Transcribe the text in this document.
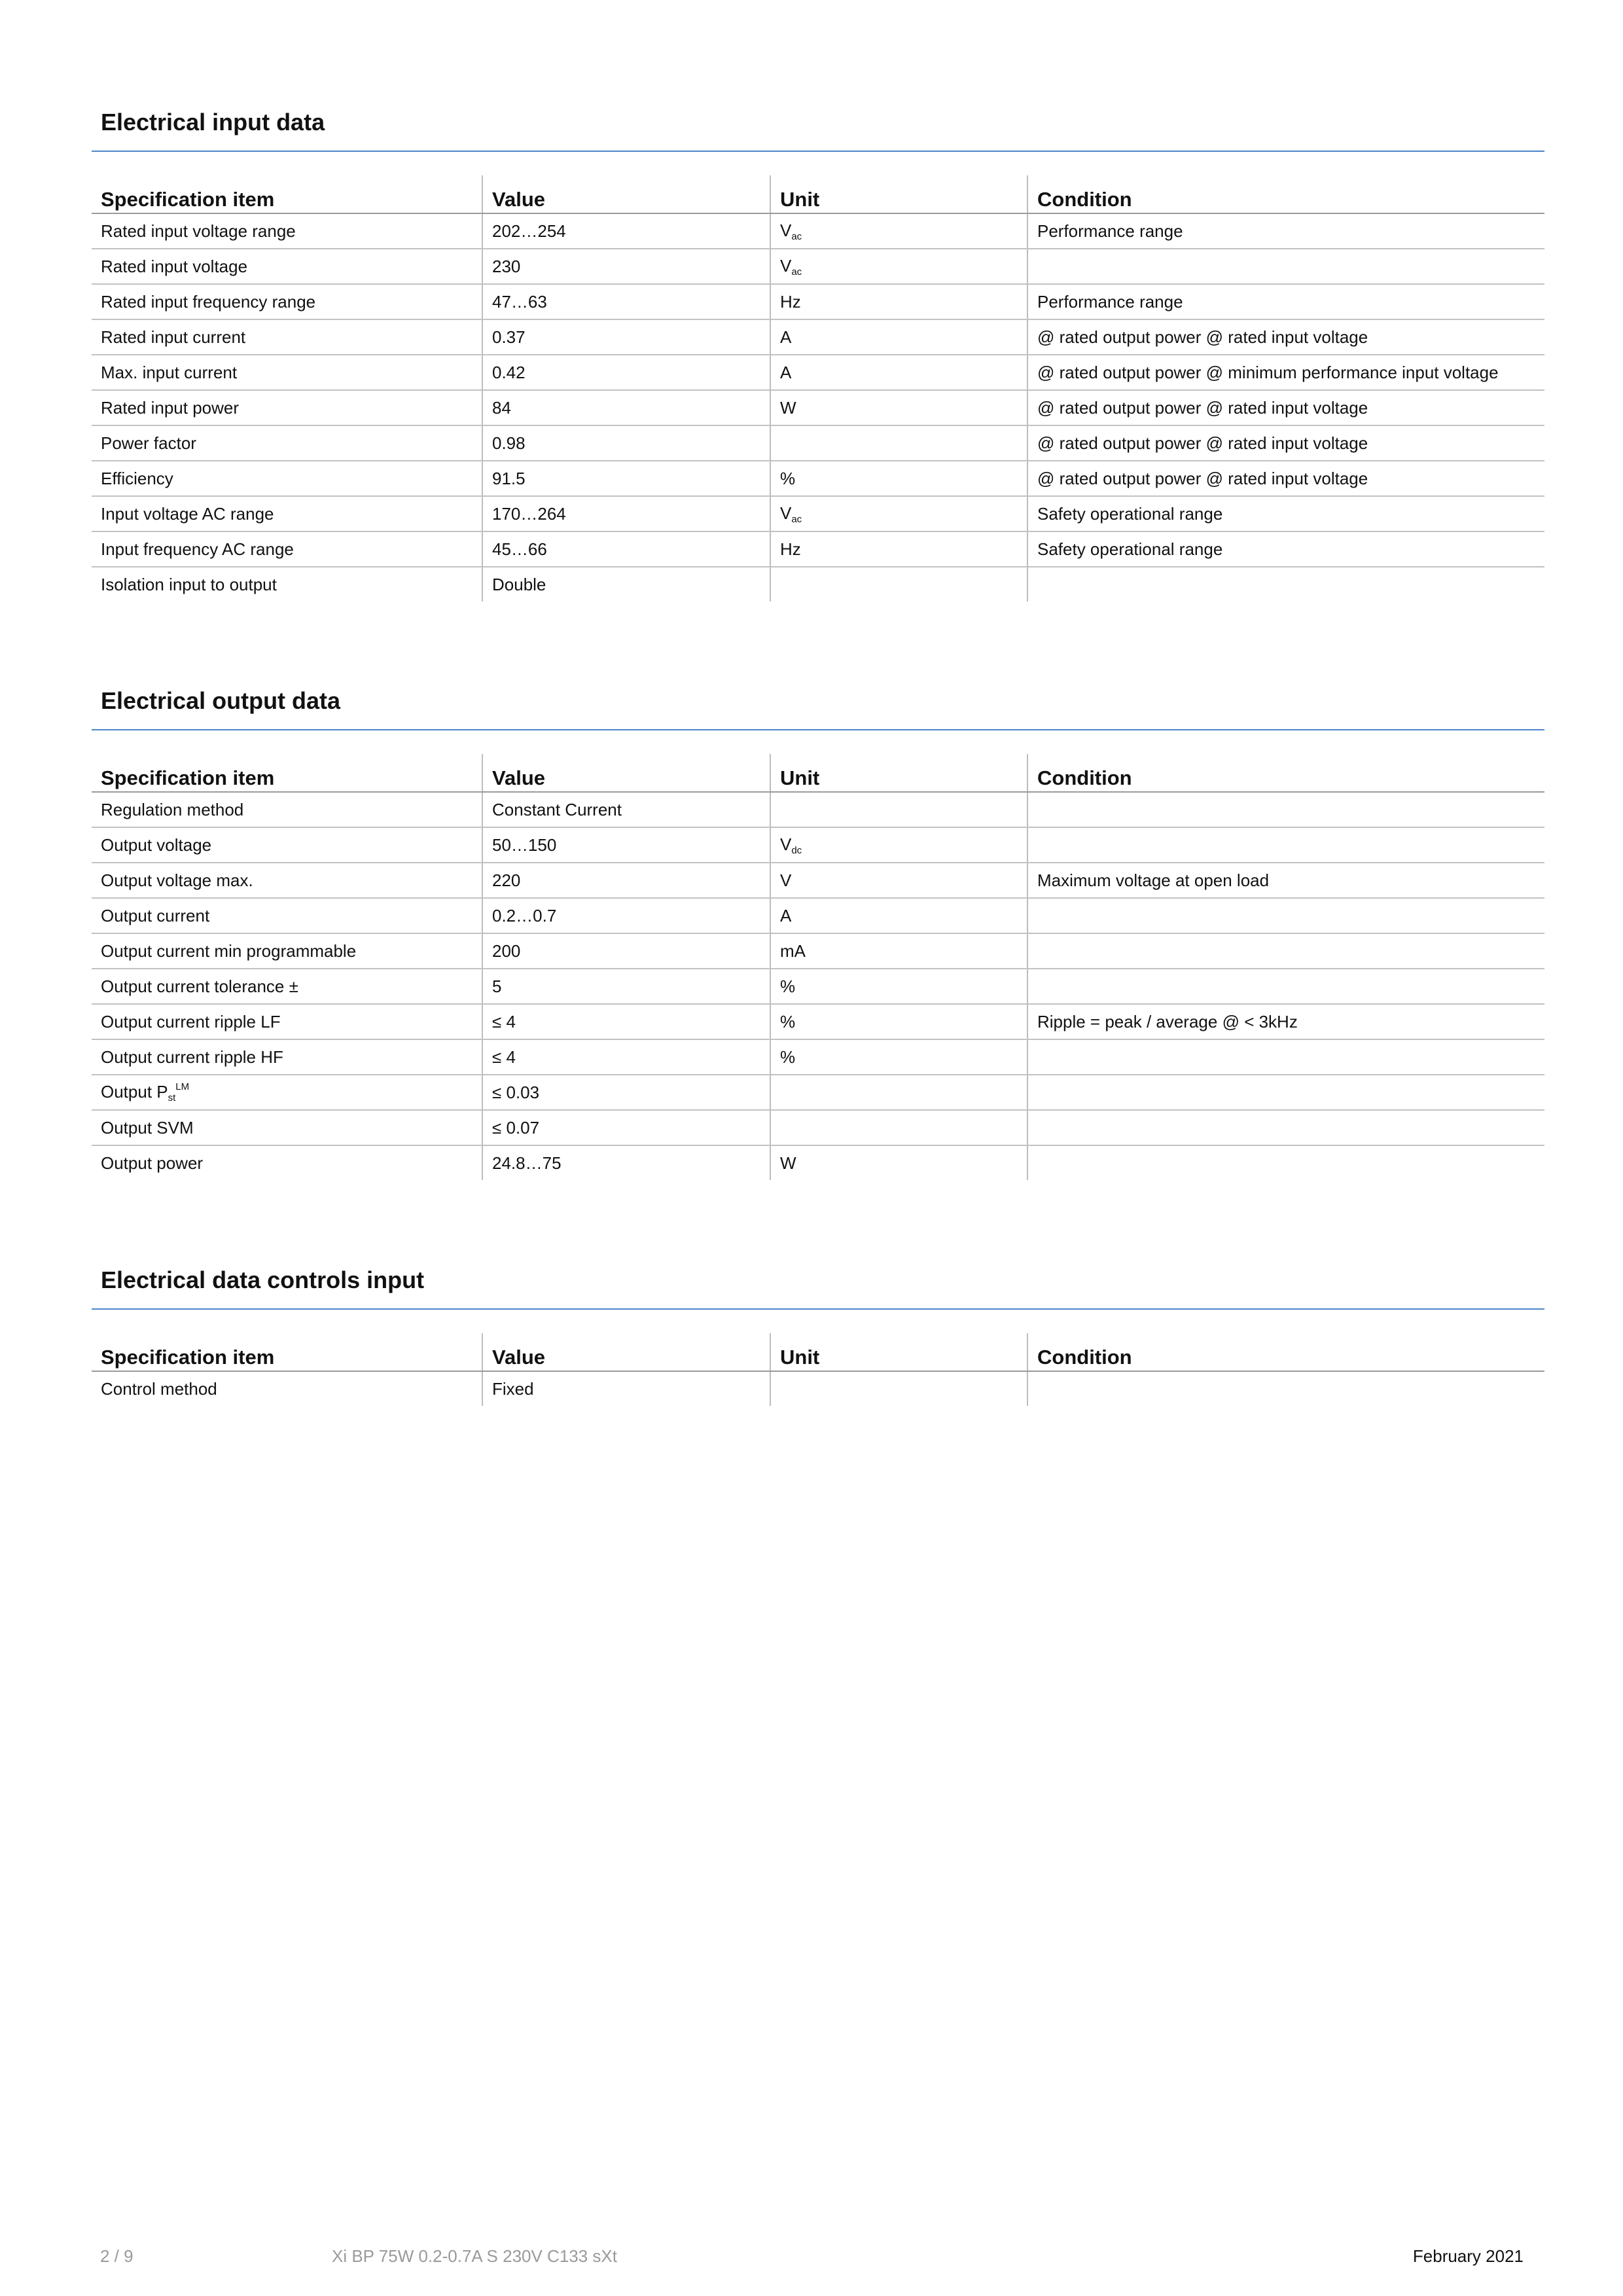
Electrical input data
Specification item	Value	Unit	Condition
Rated input voltage range	202…254	$V_{ac}$	Performance range
Rated input voltage	230	$V_{ac}$	
Rated input frequency range	47…63	Hz	Performance range
Rated input current	0.37	A	@ rated output power @ rated input voltage
Max. input current	0.42	A	@ rated output power @ minimum performance input voltage
Rated input power	84	W	@ rated output power @ rated input voltage
Power factor	0.98		@ rated output power @ rated input voltage
Efficiency	91.5	%	@ rated output power @ rated input voltage
Input voltage AC range	170…264	$V_{ac}$	Safety operational range
Input frequency AC range	45…66	Hz	Safety operational range
Isolation input to output	Double		
Electrical output data
Specification item	Value	Unit	Condition
Regulation method	Constant Current		
Output voltage	50…150	$V_{dc}$	
Output voltage max.	220	V	Maximum voltage at open load
Output current	0.2…0.7	A	
Output current min programmable	200	mA	
Output current tolerance ±	5	%	
Output current ripple LF	≤ 4	%	Ripple = peak / average @ < 3kHz
Output current ripple HF	≤ 4	%	
Output $P_{st}^{LM}$	≤ 0.03		
Output SVM	≤ 0.07		
Output power	24.8…75	W	
Electrical data controls input
Specification item	Value	Unit	Condition
Control method	Fixed		
2 / 9	Xi BP 75W 0.2-0.7A S 230V C133 sXt	February 2021
